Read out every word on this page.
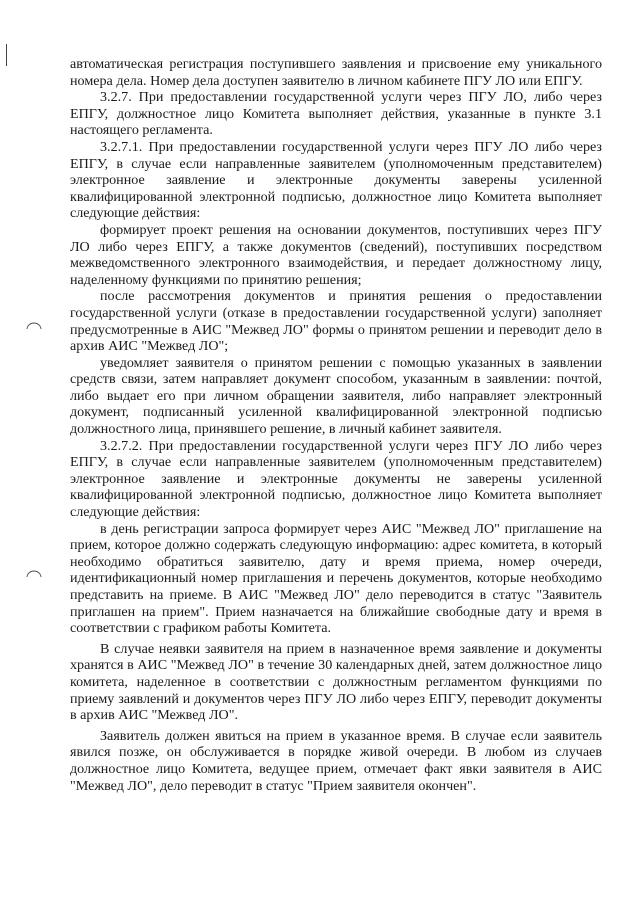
автоматическая регистрация поступившего заявления и присвоение ему уникального номера дела. Номер дела доступен заявителю в личном кабинете ПГУ ЛО или ЕПГУ.

3.2.7. При предоставлении государственной услуги через ПГУ ЛО, либо через ЕПГУ, должностное лицо Комитета выполняет действия, указанные в пункте 3.1 настоящего регламента.

3.2.7.1. При предоставлении государственной услуги через ПГУ ЛО либо через ЕПГУ, в случае если направленные заявителем (уполномоченным представителем) электронное заявление и электронные документы заверены усиленной квалифицированной электронной подписью, должностное лицо Комитета выполняет следующие действия:

формирует проект решения на основании документов, поступивших через ПГУ ЛО либо через ЕПГУ, а также документов (сведений), поступивших посредством межведомственного электронного взаимодействия, и передает должностному лицу, наделенному функциями по принятию решения;

после рассмотрения документов и принятия решения о предоставлении государственной услуги (отказе в предоставлении государственной услуги) заполняет предусмотренные в АИС "Межвед ЛО" формы о принятом решении и переводит дело в архив АИС "Межвед ЛО";

уведомляет заявителя о принятом решении с помощью указанных в заявлении средств связи, затем направляет документ способом, указанным в заявлении: почтой, либо выдает его при личном обращении заявителя, либо направляет электронный документ, подписанный усиленной квалифицированной электронной подписью должностного лица, принявшего решение, в личный кабинет заявителя.

3.2.7.2. При предоставлении государственной услуги через ПГУ ЛО либо через ЕПГУ, в случае если направленные заявителем (уполномоченным представителем) электронное заявление и электронные документы не заверены усиленной квалифицированной электронной подписью, должностное лицо Комитета выполняет следующие действия:

в день регистрации запроса формирует через АИС "Межвед ЛО" приглашение на прием, которое должно содержать следующую информацию: адрес комитета, в который необходимо обратиться заявителю, дату и время приема, номер очереди, идентификационный номер приглашения и перечень документов, которые необходимо представить на приеме. В АИС "Межвед ЛО" дело переводится в статус "Заявитель приглашен на прием". Прием назначается на ближайшие свободные дату и время в соответствии с графиком работы Комитета.

В случае неявки заявителя на прием в назначенное время заявление и документы хранятся в АИС "Межвед ЛО" в течение 30 календарных дней, затем должностное лицо комитета, наделенное в соответствии с должностным регламентом функциями по приему заявлений и документов через ПГУ ЛО либо через ЕПГУ, переводит документы в архив АИС "Межвед ЛО".

Заявитель должен явиться на прием в указанное время. В случае если заявитель явился позже, он обслуживается в порядке живой очереди. В любом из случаев должностное лицо Комитета, ведущее прием, отмечает факт явки заявителя в АИС "Межвед ЛО", дело переводит в статус "Прием заявителя окончен".
